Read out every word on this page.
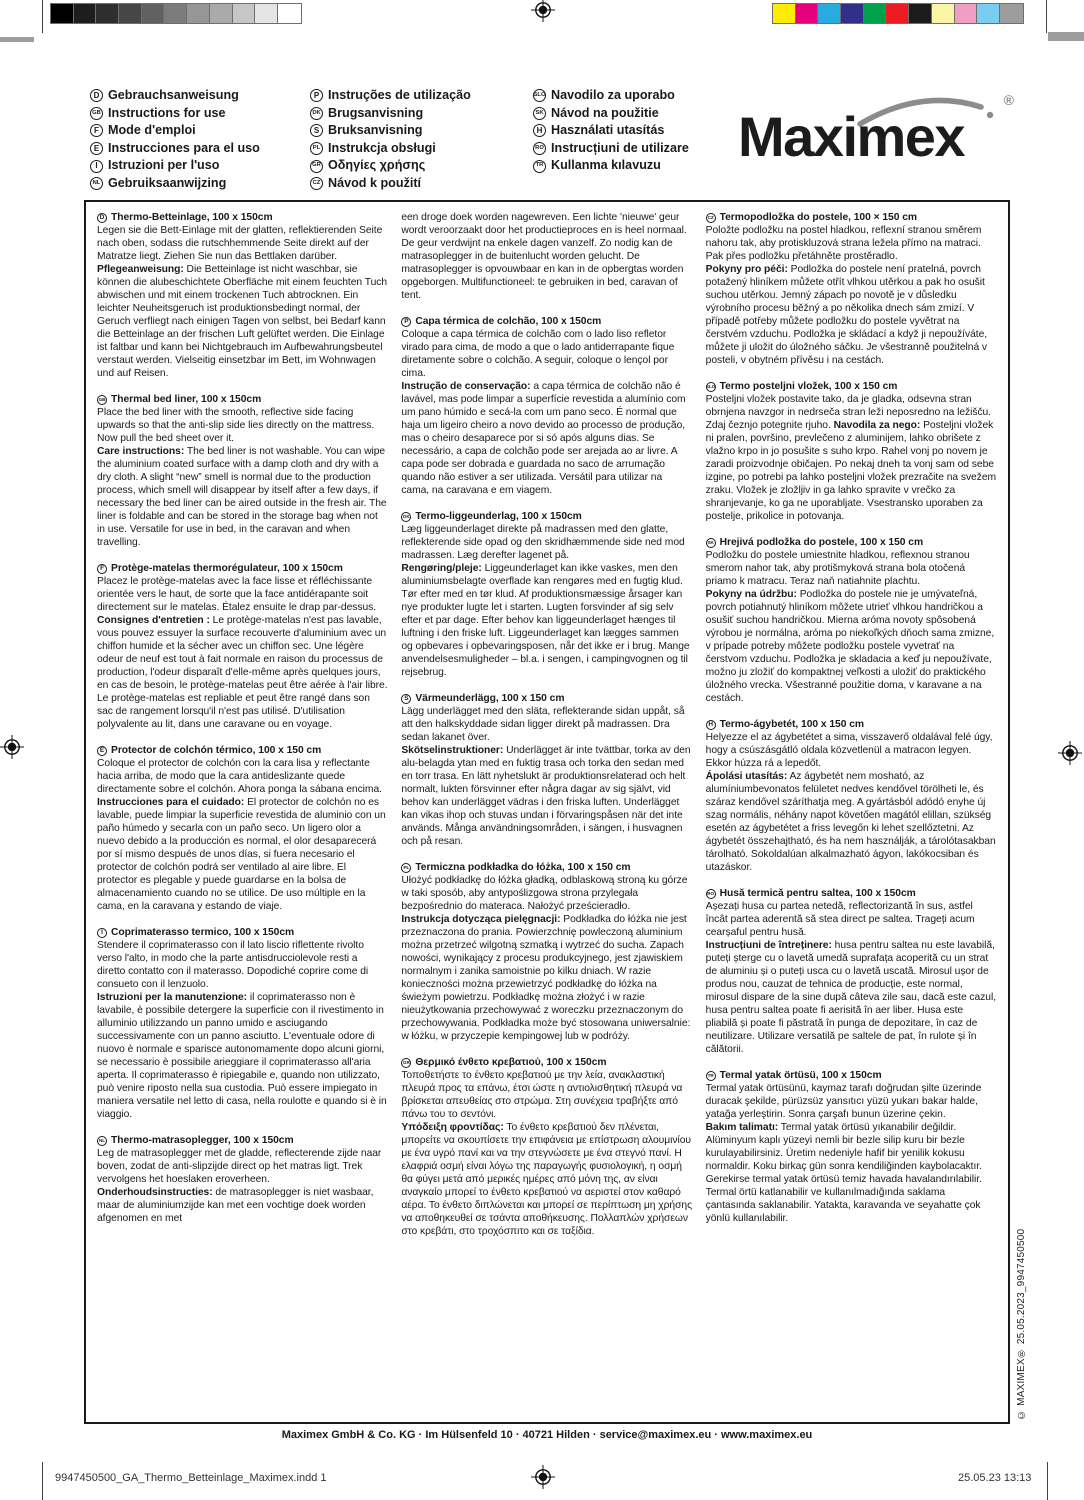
D Gebrauchsanweisung
GB Instructions for use
F Mode d'emploi
E Instrucciones para el uso
I Istruzioni per l'uso
NL Gebruiksaanwijzing
P Instruções de utilização
DK Brugsanvisning
S Bruksanvisning
PL Instrukcja obsługi
GR Οδηγίες χρήσης
CZ Návod k použití
SLO Navodilo za uporabo
SK Návod na použitie
H Használati utasítás
RO Instrucțiuni de utilizare
TR Kullanma kılavuzu Maximex
®
D Thermo-Betteinlage, 100 x 150cm
Legen sie die Bett-Einlage mit der glatten, reflektierenden Seite nach oben, sodass die rutschhemmende Seite direkt auf der Matratze liegt. Ziehen Sie nun das Bettlaken darüber.
Pflegeanweisung: Die Betteinlage ist nicht waschbar, sie können die alubeschichtete Oberfläche mit einem feuchten Tuch abwischen und mit einem trockenen Tuch abtrocknen. Ein leichter Neuheitsgeruch ist produktionsbedingt normal, der Geruch verfliegt nach einigen Tagen von selbst, bei Bedarf kann die Betteinlage an der frischen Luft gelüftet werden. Die Einlage ist faltbar und kann bei Nichtgebrauch im Aufbewahrungsbeutel verstaut werden. Vielseitig einsetzbar im Bett, im Wohnwagen und auf Reisen.
GB Thermal bed liner, 100 x 150cm
Place the bed liner with the smooth, reflective side facing upwards so that the anti-slip side lies directly on the mattress. Now pull the bed sheet over it.
Care instructions: The bed liner is not washable. You can wipe the aluminium coated surface with a damp cloth and dry with a dry cloth. A slight “new” smell is normal due to the production process, which smell will disappear by itself after a few days, if necessary the bed liner can be aired outside in the fresh air. The liner is foldable and can be stored in the storage bag when not in use. Versatile for use in bed, in the caravan and when travelling.
F Protège-matelas thermorégulateur, 100 x 150cm
Placez le protège-matelas avec la face lisse et réfléchissante orientée vers le haut, de sorte que la face antidérapante soit directement sur le matelas. Étalez ensuite le drap par-dessus.
Consignes d'entretien : Le protège-matelas n'est pas lavable, vous pouvez essuyer la surface recouverte d'aluminium avec un chiffon humide et la sécher avec un chiffon sec. Une légère odeur de neuf est tout à fait normale en raison du processus de production, l'odeur disparaît d'elle-même après quelques jours, en cas de besoin, le protège-matelas peut être aérée à l'air libre. Le protège-matelas est repliable et peut être rangé dans son sac de rangement lorsqu'il n'est pas utilisé. D'utilisation polyvalente au lit, dans une caravane ou en voyage.
E Protector de colchón térmico, 100 x 150 cm
Coloque el protector de colchón con la cara lisa y reflectante hacia arriba, de modo que la cara antideslizante quede directamente sobre el colchón. Ahora ponga la sábana encima.
Instrucciones para el cuidado: El protector de colchón no es lavable, puede limpiar la superficie revestida de aluminio con un paño húmedo y secarla con un paño seco. Un ligero olor a nuevo debido a la producción es normal, el olor desaparecerá por sí mismo después de unos días, si fuera necesario el protector de colchón podrá ser ventilado al aire libre. El protector es plegable y puede guardarse en la bolsa de almacenamiento cuando no se utilice. De uso múltiple en la cama, en la caravana y estando de viaje.
I Coprimaterasso termico, 100 x 150cm
Stendere il coprimaterasso con il lato liscio riflettente rivolto verso l'alto, in modo che la parte antisdrucciolevole resti a diretto contatto con il materasso. Dopodiché coprire come di consueto con il lenzuolo.
Istruzioni per la manutenzione: il coprimaterasso non è lavabile, è possibile detergere la superficie con il rivestimento in alluminio utilizzando un panno umido e asciugando successivamente con un panno asciutto. L'eventuale odore di nuovo è normale e sparisce autonomamente dopo alcuni giorni, se necessario è possibile arieggiare il coprimaterasso all'aria aperta. Il coprimaterasso è ripiegabile e, quando non utilizzato, può venire riposto nella sua custodia. Può essere impiegato in maniera versatile nel letto di casa, nella roulotte e quando si è in viaggio.
NL Thermo-matrasoplegger, 100 x 150cm
Leg de matrasoplegger met de gladde, reflecterende zijde naar boven, zodat de anti-slipzijde direct op het matras ligt. Trek vervolgens het hoeslaken eroverheen.
Onderhoudsinstructies: de matrasoplegger is niet wasbaar, maar de aluminiumzijde kan met een vochtige doek worden afgenomen en met
een droge doek worden nagewreven. Een lichte 'nieuwe' geur wordt veroorzaakt door het productieproces en is heel normaal. De geur verdwijnt na enkele dagen vanzelf. Zo nodig kan de matrasoplegger in de buitenlucht worden gelucht. De matrasoplegger is opvouwbaar en kan in de opbergtas worden opgeborgen. Multifunctioneel: te gebruiken in bed, caravan of tent.
P Capa térmica de colchão, 100 x 150cm
Coloque a capa térmica de colchão com o lado liso refletor virado para cima, de modo a que o lado antiderrapante fique diretamente sobre o colchão. A seguir, coloque o lençol por cima.
Instrução de conservação: a capa térmica de colchão não é lavável, mas pode limpar a superfície revestida a alumínio com um pano húmido e secá-la com um pano seco. É normal que haja um ligeiro cheiro a novo devido ao processo de produção, mas o cheiro desaparece por si só após alguns dias. Se necessário, a capa de colchão pode ser arejada ao ar livre. A capa pode ser dobrada e guardada no saco de arrumação quando não estiver a ser utilizada. Versátil para utilizar na cama, na caravana e em viagem.
DK Termo-liggeunderlag, 100 x 150cm
Læg liggeunderlaget direkte på madrassen med den glatte, reflekterende side opad og den skridhæmmende side ned mod madrassen. Læg derefter lagenet på.
Rengøring/pleje: Liggeunderlaget kan ikke vaskes, men den aluminiumsbelagte overflade kan rengøres med en fugtig klud. Tør efter med en tør klud. Af produktionsmæssige årsager kan nye produkter lugte let i starten. Lugten forsvinder af sig selv efter et par dage. Efter behov kan liggeunderlaget hænges til luftning i den friske luft. Liggeunderlaget kan lægges sammen og opbevares i opbevaringsposen, når det ikke er i brug. Mange anvendelsesmuligheder – bl.a. i sengen, i campingvognen og til rejsebrug.
S Värmeunderlägg, 100 x 150 cm
Lägg underlägget med den släta, reflekterande sidan uppåt, så att den halkskyddade sidan ligger direkt på madrassen. Dra sedan lakanet över.
Skötselinstruktioner: Underlägget är inte tvättbar, torka av den alu-belagda ytan med en fuktig trasa och torka den sedan med en torr trasa. En lätt nyhetslukt är produktionsrelaterad och helt normalt, lukten försvinner efter några dagar av sig självt, vid behov kan underlägget vädras i den friska luften. Underlägget kan vikas ihop och stuvas undan i förvaringspåsen när det inte används. Många användningsområden, i sängen, i husvagnen och på resan.
PL Termiczna podkładka do łóżka, 100 x 150 cm
Ułożyć podkładkę do łóżka gładką, odblaskową stroną ku górze w taki sposób, aby antypoślizgowa strona przylegała bezpośrednio do materaca. Nałożyć prześcieradło.
Instrukcja dotycząca pielęgnacji: Podkładka do łóżka nie jest przeznaczona do prania. Powierzchnię powleczoną aluminium można przetrzeć wilgotną szmatką i wytrzeć do sucha. Zapach nowości, wynikający z procesu produkcyjnego, jest zjawiskiem normalnym i zanika samoistnie po kilku dniach. W razie konieczności można przewietrzyć podkładkę do łóżka na świeżym powietrzu. Podkładkę można złożyć i w razie nieużytkowania przechowywać z woreczku przeznaczonym do przechowywania. Podkładka może być stosowana uniwersalnie: w łóżku, w przyczepie kempingowej lub w podróży.
GR Θερμικό ένθετο κρεβατιού, 100 x 150cm
Τοποθετήστε το ένθετο κρεβατιού με την λεία, ανακλαστική πλευρά προς τα επάνω, έτσι ώστε η αντιολισθητική πλευρά να βρίσκεται απευθείας στο στρώμα. Στη συνέχεια τραβήξτε από πάνω του το σεντόνι.
Υπόδειξη φροντίδας: Το ένθετο κρεβατιού δεν πλένεται, μπορείτε να σκουπίσετε την επιφάνεια με επίστρωση αλουμινίου με ένα υγρό πανί και να την στεγνώσετε με ένα στεγνό πανί. Η ελαφριά οσμή είναι λόγω της παραγωγής φυσιολογική, η οσμή θα φύγει μετά από μερικές ημέρες από μόνη της, αν είναι αναγκαίο μπορεί το ένθετο κρεβατιού να αεριστεί στον καθαρό αέρα. Το ένθετο διπλώνεται και μπορεί σε περίπτωση μη χρήσης να αποθηκευθεί σε τσάντα αποθήκευσης. Πολλαπλών χρήσεων στο κρεβάτι, στο τροχόσπιτο και σε ταξίδια.
CZ Termopodložka do postele, 100 × 150 cm
Položte podložku na postel hladkou, reflexní stranou směrem nahoru tak, aby protiskluzová strana ležela přímo na matraci. Pak přes podložku přetáhněte prostěradlo.
Pokyny pro péči: Podložka do postele není pratelná, povrch potažený hliníkem můžete otřít vlhkou utěrkou a pak ho osušit suchou utěrkou. Jemný zápach po novotě je v důsledku výrobního procesu běžný a po několika dnech sám zmizí. V případě potřeby můžete podložku do postele vyvětrat na čerstvém vzduchu. Podložka je skládací a když ji nepoužíváte, můžete ji uložit do úložného sáčku. Je všestranně použitelná v posteli, v obytném přívěsu i na cestách.
SLO Termo posteljni vložek, 100 x 150 cm
Posteljni vložek postavite tako, da je gladka, odsevna stran obrnjena navzgor in nedrseča stran leži neposredno na ležišču. Zdaj čeznjo potegnite rjuho. Navodila za nego: Posteljni vložek ni pralen, površino, prevlečeno z aluminijem, lahko obrišete z vlažno krpo in jo posušite s suho krpo. Rahel vonj po novem je zaradi proizvodnje običajen. Po nekaj dneh ta vonj sam od sebe izgine, po potrebi pa lahko posteljni vložek prezračite na svežem zraku. Vložek je zložljiv in ga lahko spravite v vrečko za shranjevanje, ko ga ne uporabljate. Vsestransko uporaben za postelje, prikolice in potovanja.
SK Hrejivá podložka do postele, 100 x 150 cm
Podložku do postele umiestnite hladkou, reflexnou stranou smerom nahor tak, aby protišmyková strana bola otočená priamo k matracu. Teraz naň natiahnite plachtu.
Pokyny na údržbu: Podložka do postele nie je umývateľná, povrch potiahnutý hliníkom môžete utrieť vlhkou handričkou a osušiť suchou handričkou. Mierna aróma novoty spôsobená výrobou je normálna, aróma po niekoľkých dňoch sama zmizne, v prípade potreby môžete podložku postele vyvetrať na čerstvom vzduchu. Podložka je skladacia a keď ju nepoužívate, možno ju zložiť do kompaktnej veľkosti a uložiť do praktického úložného vrecka. Všestranné použitie doma, v karavane a na cestách.
H Termo-ágybetét, 100 x 150 cm
Helyezze el az ágybetétet a sima, visszaverő oldalával felé úgy, hogy a csúszásgátló oldala közvetlenül a matracon legyen. Ekkor húzza rá a lepedőt.
Ápolási utasítás: Az ágybetét nem mosható, az alumíniumbevonatos felületet nedves kendővel törölheti le, és száraz kendővel száríthatja meg. A gyártásból adódó enyhe új szag normális, néhány napot követően magától elillan, szükség esetén az ágybetétet a friss levegőn ki lehet szellőztetni. Az ágybetét összehajtható, és ha nem használják, a tárolótasakban tárolható. Sokoldalúan alkalmazható ágyon, lakókocsiban és utazáskor.
RO Husă termică pentru saltea, 100 x 150cm
Așezați husa cu partea netedă, reflectorizantă în sus, astfel încât partea aderentă să stea direct pe saltea. Trageți acum cearșaful pentru husă.
Instrucțiuni de întreținere: husa pentru saltea nu este lavabilă, puteți șterge cu o lavetă umedă suprafața acoperită cu un strat de aluminiu și o puteți usca cu o lavetă uscată. Mirosul ușor de produs nou, cauzat de tehnica de producție, este normal, mirosul dispare de la sine după câteva zile sau, dacă este cazul, husa pentru saltea poate fi aerisită în aer liber. Husa este pliabilă și poate fi păstrată în punga de depozitare, în caz de neutilizare. Utilizare versatilă pe saltele de pat, în rulote și în călătorii.
TR Termal yatak örtüsü, 100 x 150cm
Termal yatak örtüsünü, kaymaz tarafı doğrudan şilte üzerinde duracak şekilde, pürüzsüz yansıtıcı yüzü yukarı bakar halde, yatağa yerleştirin. Sonra çarşafı bunun üzerine çekin.
Bakım talimatı: Termal yatak örtüsü yıkanabilir değildir. Alüminyum kaplı yüzeyi nemli bir bezle silip kuru bir bezle kurulayabilirsiniz. Üretim nedeniyle hafif bir yenilik kokusu normaldir. Koku birkaç gün sonra kendiliğinden kaybolacaktır. Gerekirse termal yatak örtüsü temiz havada havalandırılabilir. Termal örtü katlanabilir ve kullanılmadığında saklama çantasında saklanabilir. Yatakta, karavanda ve seyahatte çok yönlü kullanılabilir.
© MAXIMEX® 25.05.2023_9947450500
Maximex GmbH & Co. KG · Im Hülsenfeld 10 · 40721 Hilden · service@maximex.eu · www.maximex.eu
9947450500_GA_Thermo_Betteinlage_Maximex.indd 1	25.05.23 13:13
